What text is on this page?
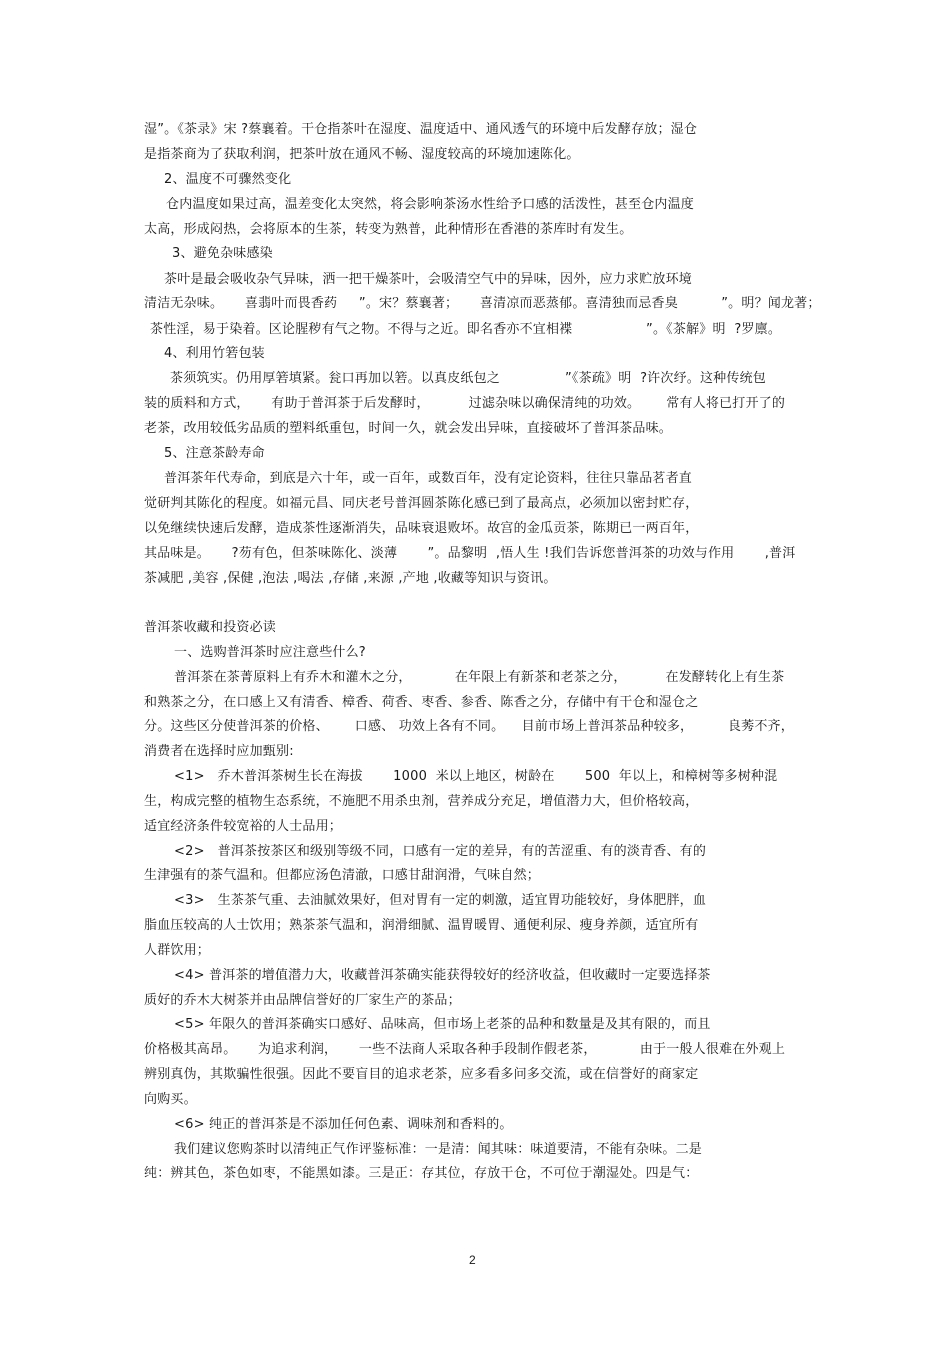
湿”。《茶录》宋 ?蔡襄着。干仓指茶叶在湿度、温度适中、通风透气的环境中后发酵存放；湿仓
是指茶商为了获取利润，把茶叶放在通风不畅、湿度较高的环境加速陈化。
2、温度不可骤然变化
仓内温度如果过高，温差变化太突然，将会影响茶汤水性给予口感的活泼性，甚至仓内温度
太高，形成闷热，会将原本的生茶，转变为熟普，此种情形在香港的茶库时有发生。
3、避免杂味感染
茶叶是最会吸收杂气异味，洒一把干燥茶叶，会吸清空气中的异味，因外，应力求贮放环境
清洁无杂味。     喜翡叶而畏香药     ”。宋？蔡襄著；     喜清凉而恶蒸郁。喜清独而忌香臭          ”。明？闻龙著；
茶性淫，易于染着。区论腥秽有气之物。不得与之近。即名香亦不宜相褋                 ”。《茶解》明  ?罗廪。
4、利用竹箬包装
茶须筑实。仍用厚箬填紧。瓮口再加以箬。以真皮纸包之               ”《茶疏》明  ?许次纾。这种传统包
装的质料和方式，     有助于普洱茶于后发酵时，         过滤杂味以确保清纯的功效。      常有人将已打开了的
老茶，改用较低劣品质的塑料纸重包，时间一久，就会发出异味，直接破坏了普洱茶品味。
5、注意茶龄寿命
普洱茶年代寿命，到底是六十年，或一百年，或数百年，没有定论资料，往往只靠品茗者直
觉研判其陈化的程度。如福元昌、同庆老号普洱圆茶陈化感已到了最高点，必须加以密封贮存，
以免继续快速后发酵，造成茶性逐渐消失，品味衰退败坏。故宫的金瓜贡茶，陈期已一两百年，
其品味是。     ?芴有色，但茶味陈化、淡薄       ”。品黎明  ,悟人生 !我们告诉您普洱茶的功效与作用       ,普洱
茶减肥 ,美容 ,保健 ,泡法 ,喝法 ,存储 ,来源 ,产地 ,收藏等知识与资讯。
普洱茶收藏和投资必读
一、选购普洱茶时应注意些什么?
普洱茶在茶菁原料上有乔木和灌木之分，          在年限上有新茶和老茶之分，         在发酵转化上有生茶
和熟茶之分，在口感上又有清香、樟香、荷香、枣香、参香、陈香之分，存储中有干仓和湿仓之
分。这些区分使普洱茶的价格、      口感、 功效上各有不同。    目前市场上普洱茶品种较多，        良莠不齐，
消费者在选择时应加甄别:
<1>   乔木普洱茶树生长在海拔       1000  米以上地区，树龄在       500  年以上，和樟树等多树种混
生，构成完整的植物生态系统，不施肥不用杀虫剂，营养成分充足，增值潜力大，但价格较高，
适宜经济条件较宽裕的人士品用；
<2>   普洱茶按茶区和级别等级不同，口感有一定的差异，有的苦涩重、有的淡青香、有的
生津强有的茶气温和。但都应汤色清澈，口感甘甜润滑，气味自然；
<3>   生茶茶气重、去油腻效果好，但对胃有一定的刺激，适宜胃功能较好，身体肥胖，血
脂血压较高的人士饮用；熟茶茶气温和，润滑细腻、温胃暖胃、通便利尿、瘦身养颜，适宜所有
人群饮用；
<4> 普洱茶的增值潜力大，收藏普洱茶确实能获得较好的经济收益，但收藏时一定要选择茶
质好的乔木大树茶并由品牌信誉好的厂家生产的茶品；
<5> 年限久的普洱茶确实口感好、品味高，但市场上老茶的品种和数量是及其有限的，而且
价格极其高昂。     为追求利润，     一些不法商人采取各种手段制作假老茶，          由于一般人很难在外观上
辨别真伪，其欺骗性很强。因此不要盲目的追求老茶，应多看多问多交流，或在信誉好的商家定
向购买。
<6> 纯正的普洱茶是不添加任何色素、调味剂和香料的。
我们建议您购茶时以清纯正气作评鉴标准：一是清：闻其味：味道要清，不能有杂味。二是
纯：辨其色，茶色如枣，不能黑如漆。三是正：存其位，存放干仓，不可位于潮湿处。四是气：
2
